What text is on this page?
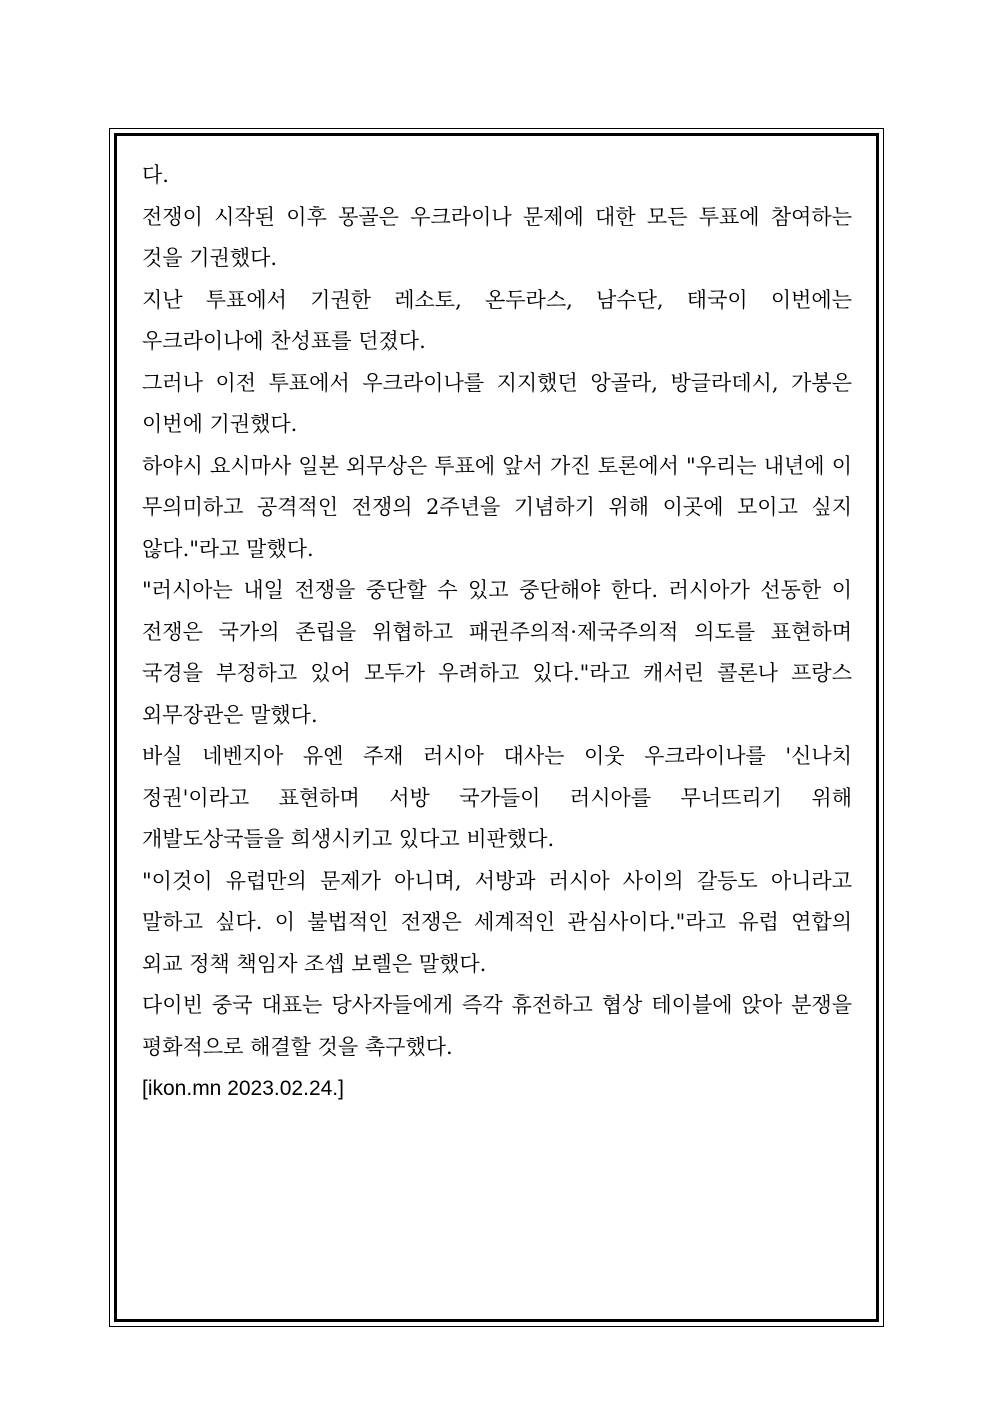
다.

전쟁이 시작된 이후 몽골은 우크라이나 문제에 대한 모든 투표에 참여하는 것을 기권했다.

지난 투표에서 기권한 레소토, 온두라스, 남수단, 태국이 이번에는 우크라이나에 찬성표를 던졌다.

그러나 이전 투표에서 우크라이나를 지지했던 앙골라, 방글라데시, 가봉은 이번에 기권했다.

하야시 요시마사 일본 외무상은 투표에 앞서 가진 토론에서 "우리는 내년에 이 무의미하고 공격적인 전쟁의 2주년을 기념하기 위해 이곳에 모이고 싶지 않다."라고 말했다.

"러시아는 내일 전쟁을 중단할 수 있고 중단해야 한다. 러시아가 선동한 이 전쟁은 국가의 존립을 위협하고 패권주의적·제국주의적 의도를 표현하며 국경을 부정하고 있어 모두가 우려하고 있다."라고 캐서린 콜론나 프랑스 외무장관은 말했다.

바실 네벤지아 유엔 주재 러시아 대사는 이웃 우크라이나를 '신나치 정권'이라고 표현하며 서방 국가들이 러시아를 무너뜨리기 위해 개발도상국들을 희생시키고 있다고 비판했다.

"이것이 유럽만의 문제가 아니며, 서방과 러시아 사이의 갈등도 아니라고 말하고 싶다. 이 불법적인 전쟁은 세계적인 관심사이다."라고 유럽 연합의 외교 정책 책임자 조셉 보렐은 말했다.

다이빈 중국 대표는 당사자들에게 즉각 휴전하고 협상 테이블에 앉아 분쟁을 평화적으로 해결할 것을 촉구했다.

[ikon.mn 2023.02.24.]
